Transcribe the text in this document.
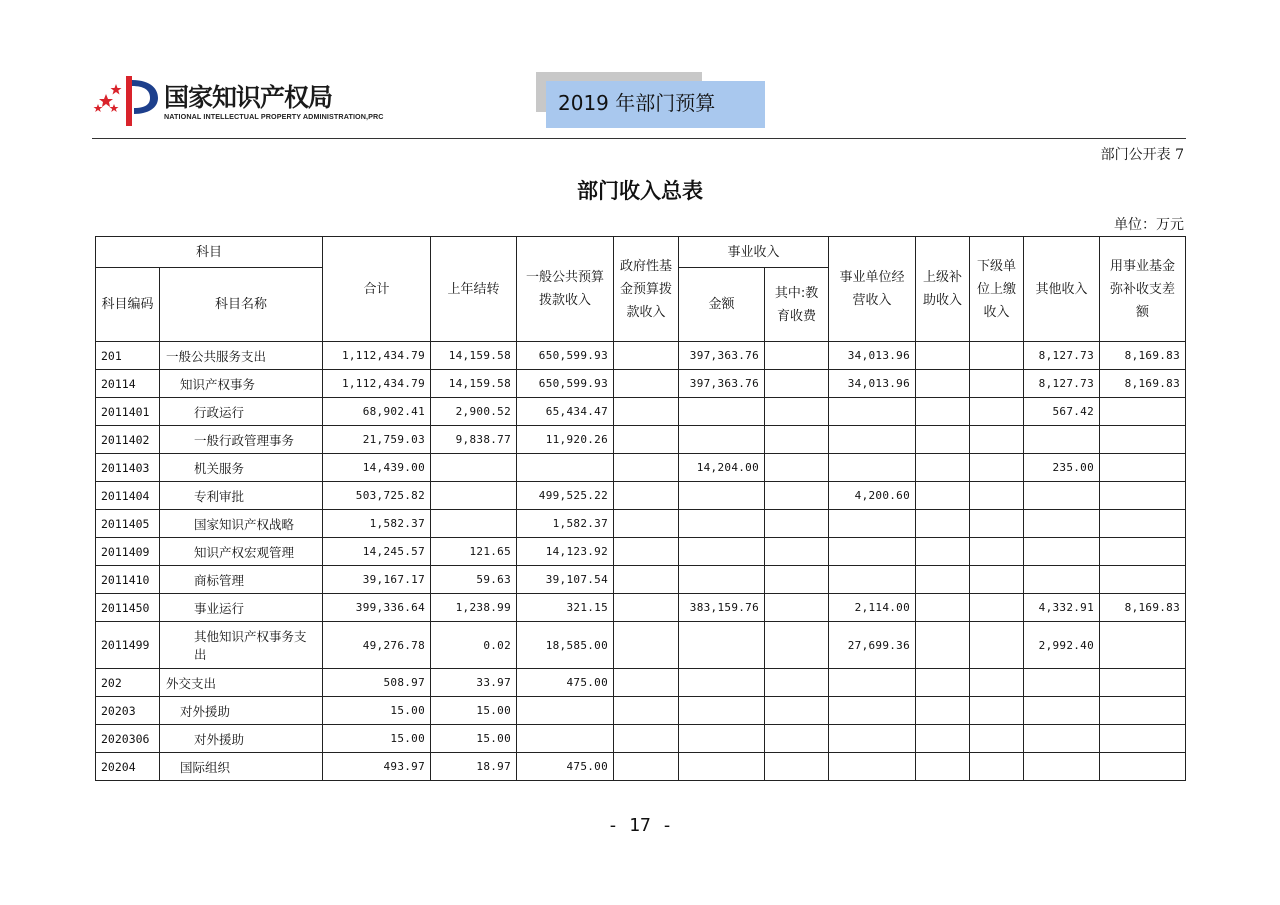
国家知识产权局
NATIONAL INTELLECTUAL PROPERTY ADMINISTRATION,PRC
2019 年部门预算
部门公开表 7
部门收入总表
单位：万元
科目		合计	上年结转	一般公共预算拨款收入	政府性基金预算拨款收入	事业收入		事业单位经营收入	上级补助收入	下级单位上缴收入	其他收入	用事业基金弥补收支差额
科目编码	科目名称					金额	其中:教育收费					
201	一般公共服务支出	1,112,434.79	14,159.58	650,599.93		397,363.76		34,013.96			8,127.73	8,169.83
20114	知识产权事务	1,112,434.79	14,159.58	650,599.93		397,363.76		34,013.96			8,127.73	8,169.83
2011401	行政运行	68,902.41	2,900.52	65,434.47							567.42	
2011402	一般行政管理事务	21,759.03	9,838.77	11,920.26								
2011403	机关服务	14,439.00				14,204.00					235.00	
2011404	专利审批	503,725.82		499,525.22				4,200.60				
2011405	国家知识产权战略	1,582.37		1,582.37								
2011409	知识产权宏观管理	14,245.57	121.65	14,123.92								
2011410	商标管理	39,167.17	59.63	39,107.54								
2011450	事业运行	399,336.64	1,238.99	321.15		383,159.76		2,114.00			4,332.91	8,169.83
2011499	其他知识产权事务支出	49,276.78	0.02	18,585.00				27,699.36			2,992.40	
202	外交支出	508.97	33.97	475.00								
20203	对外援助	15.00	15.00									
2020306	对外援助	15.00	15.00									
20204	国际组织	493.97	18.97	475.00								
- 17 -
